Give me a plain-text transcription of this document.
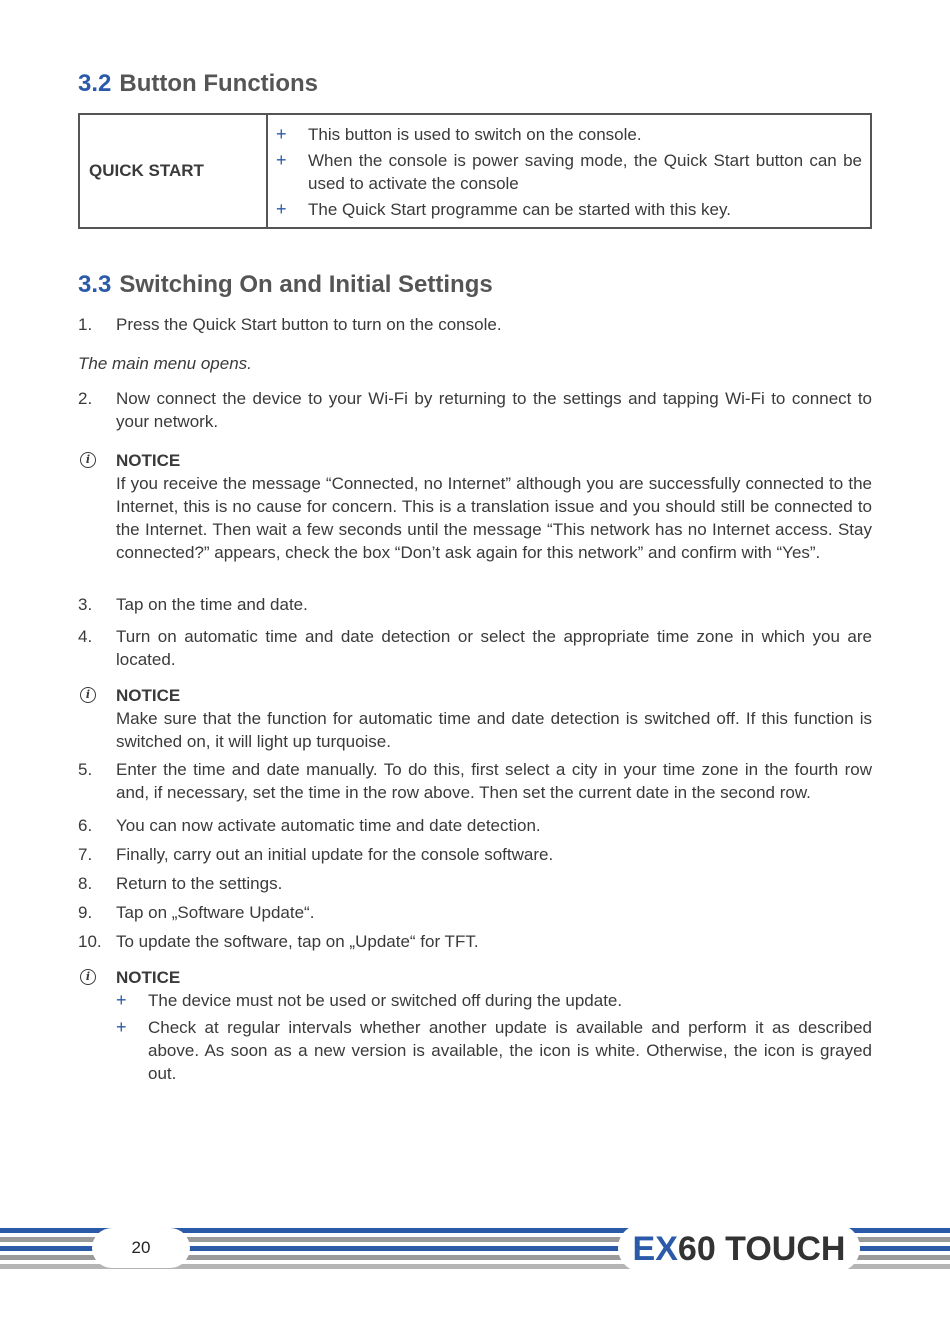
3.2 Button Functions
QUICK START	
+ This button is used to switch on the console.
+ When the console is power saving mode, the Quick Start button can be used to activate the console
+ The Quick Start programme can be started with this key.
3.3 Switching On and Initial Settings
1. Press the Quick Start button to turn on the console.
The main menu opens.
2. Now connect the device to your Wi-Fi by returning to the settings and tapping Wi-Fi to connect to your network.
i	NOTICE
If you receive the message “Connected, no Internet” although you are successfully connected to the Internet, this is no cause for concern. This is a translation issue and you should still be connected to the Internet. Then wait a few seconds until the message “This network has no Internet access. Stay connected?” appears, check the box “Don’t ask again for this network” and confirm with “Yes”.
3. Tap on the time and date.
4. Turn on automatic time and date detection or select the appropriate time zone in which you are located.
i	NOTICE
Make sure that the function for automatic time and date detection is switched off. If this function is switched on, it will light up turquoise.
5. Enter the time and date manually. To do this, first select a city in your time zone in the fourth row and, if necessary, set the time in the row above. Then set the current date in the second row.
6. You can now activate automatic time and date detection.
7. Finally, carry out an initial update for the console software.
8. Return to the settings.
9. Tap on „Software Update“.
10. To update the software, tap on „Update“ for TFT.
i	NOTICE
+ The device must not be used or switched off during the update.
+ Check at regular intervals whether another update is available and perform it as described above. As soon as a new version is available, the icon is white. Otherwise, the icon is grayed out.
20	EX60 TOUCH
